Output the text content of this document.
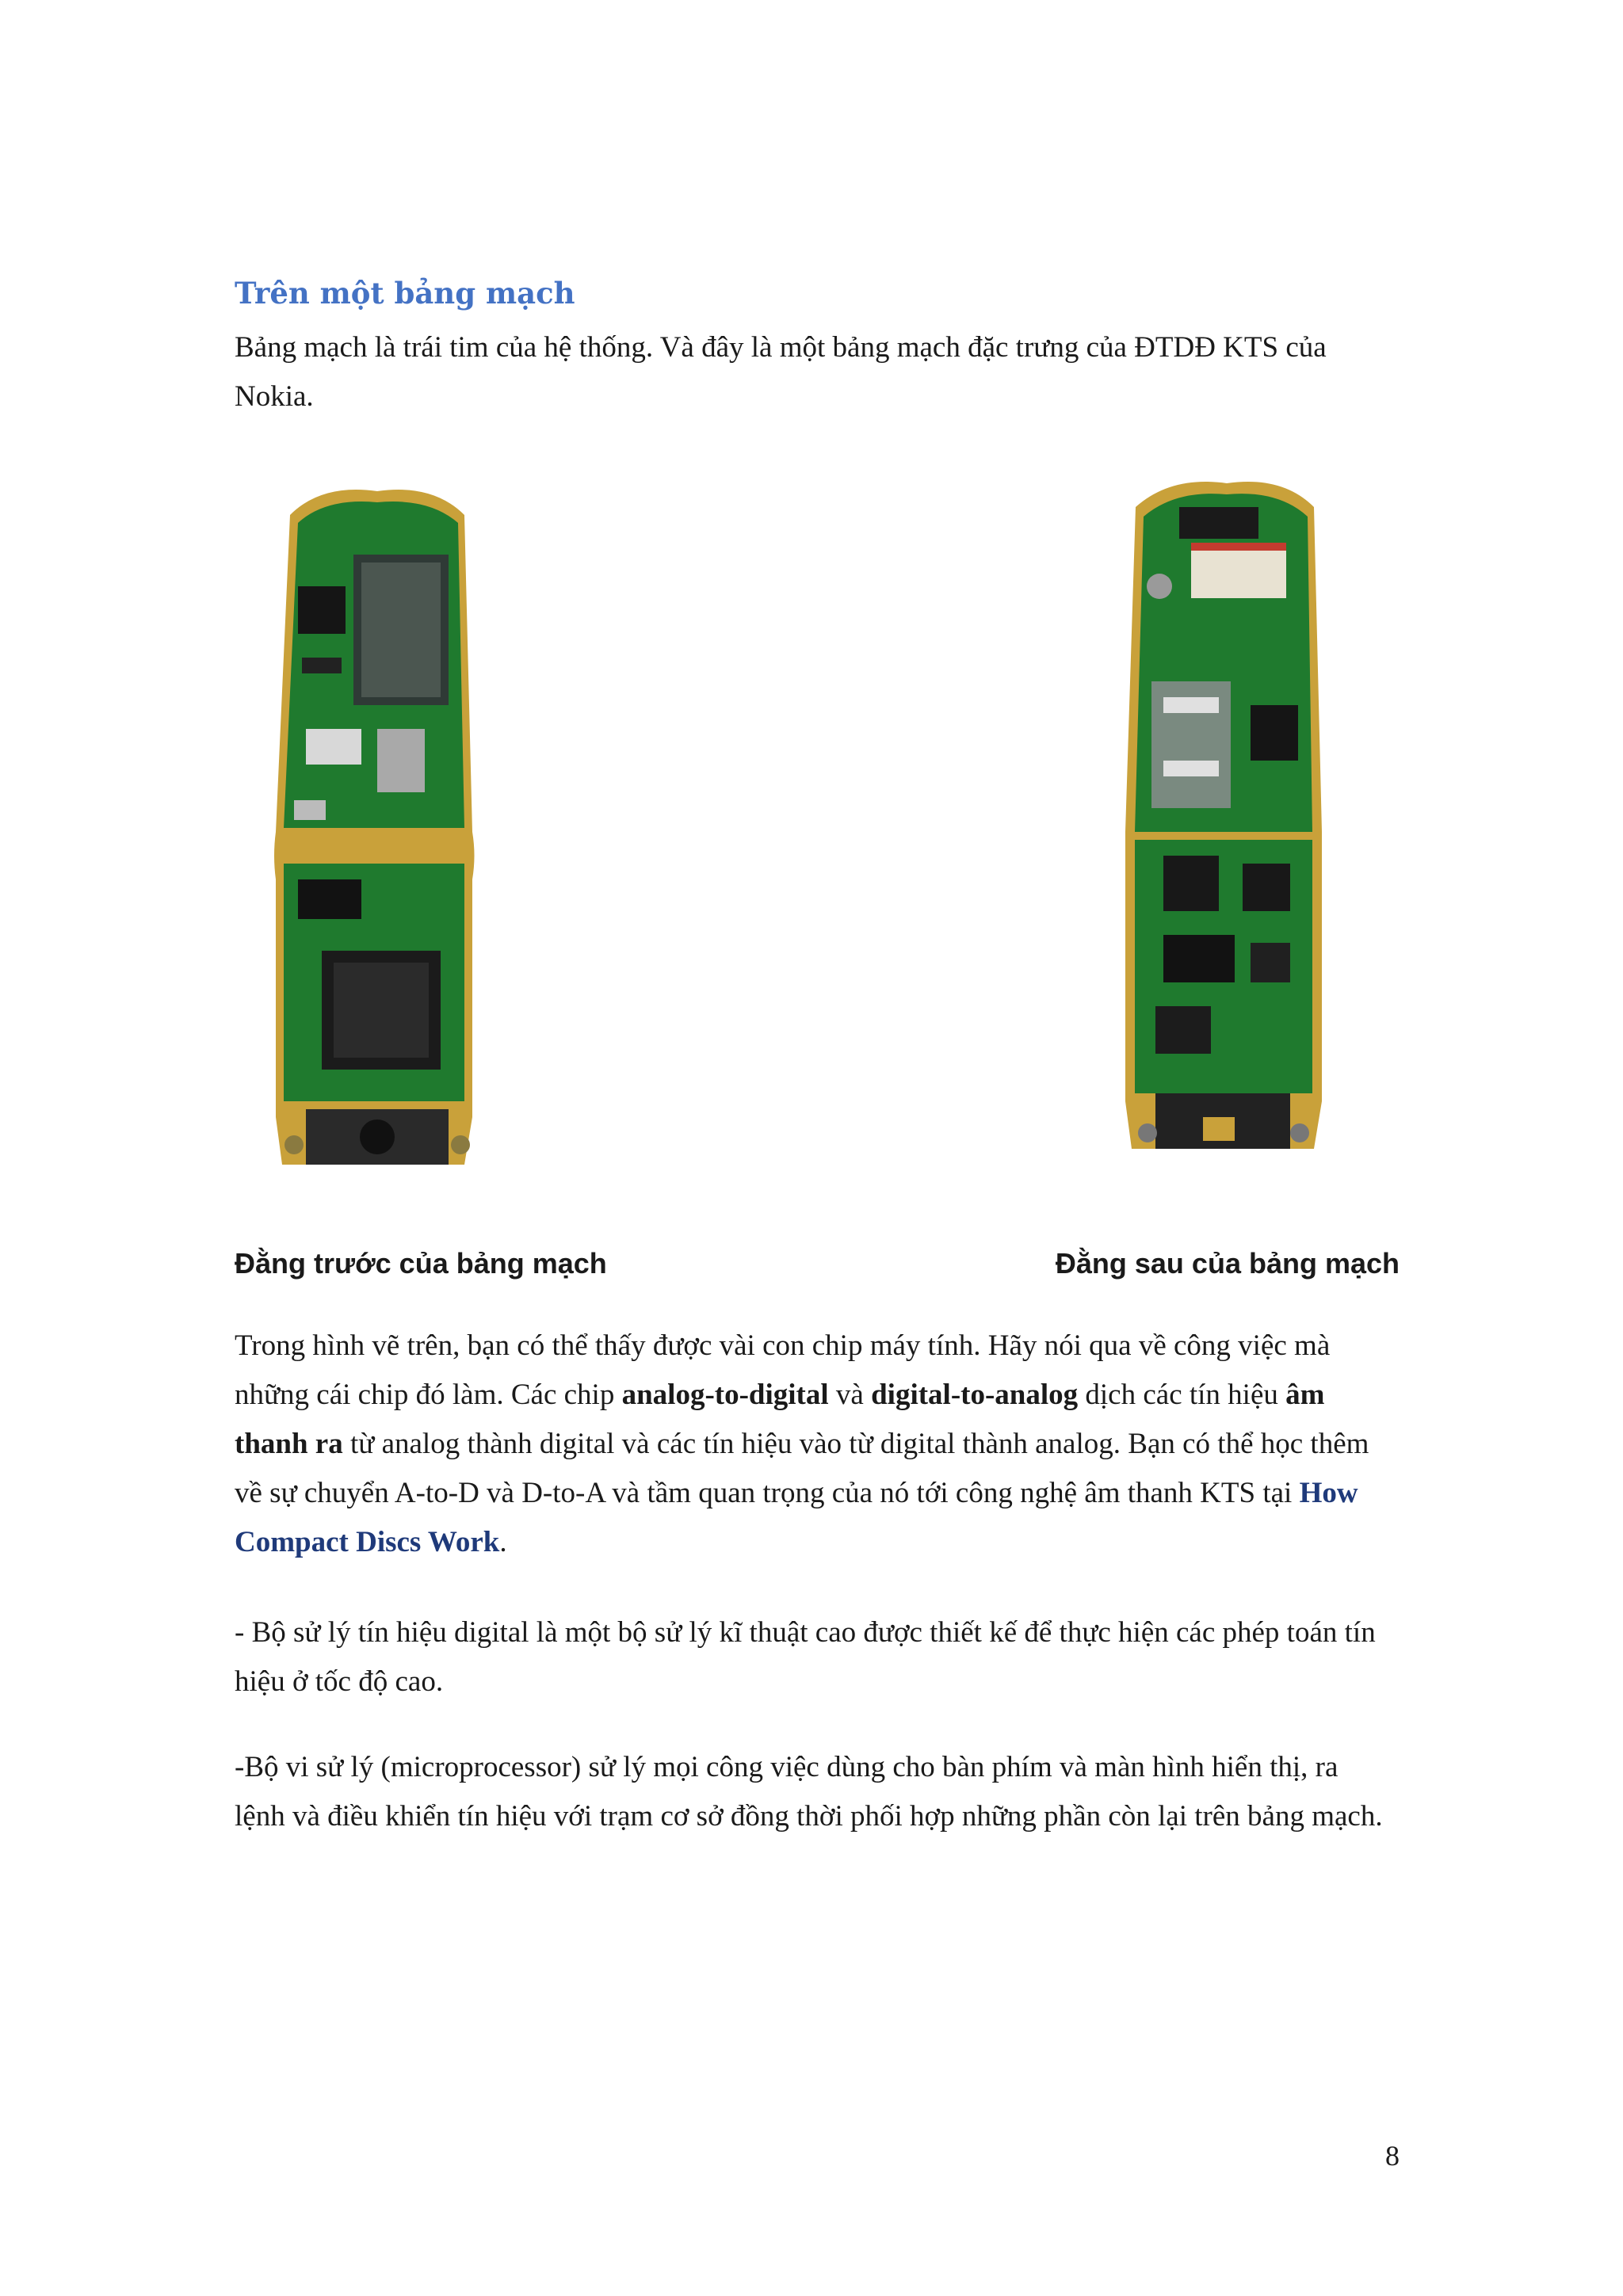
Trên một bảng mạch

Bảng mạch là trái tim của hệ thống. Và đây là một bảng mạch đặc trưng của ĐTDĐ KTS của Nokia.

Đằng trước của bảng mạch	Đằng sau của bảng mạch

Trong hình vẽ trên, bạn có thể thấy được vài con chip máy tính. Hãy nói qua về công việc mà những cái chip đó làm. Các chip analog-to-digital và digital-to-analog dịch các tín hiệu âm thanh ra từ analog thành digital và các tín hiệu vào từ digital thành analog. Bạn có thể học thêm về sự chuyển A-to-D và D-to-A và tầm quan trọng của nó tới công nghệ âm thanh KTS tại How Compact Discs Work.

- Bộ sử lý tín hiệu digital là một bộ sử lý kĩ thuật cao được thiết kế để thực hiện các phép toán tín hiệu ở tốc độ cao.

-Bộ vi sử lý (microprocessor) sử lý mọi công việc dùng cho bàn phím và màn hình hiển thị, ra lệnh và điều khiển tín hiệu với trạm cơ sở đồng thời phối hợp những phần còn lại trên bảng mạch.

8
